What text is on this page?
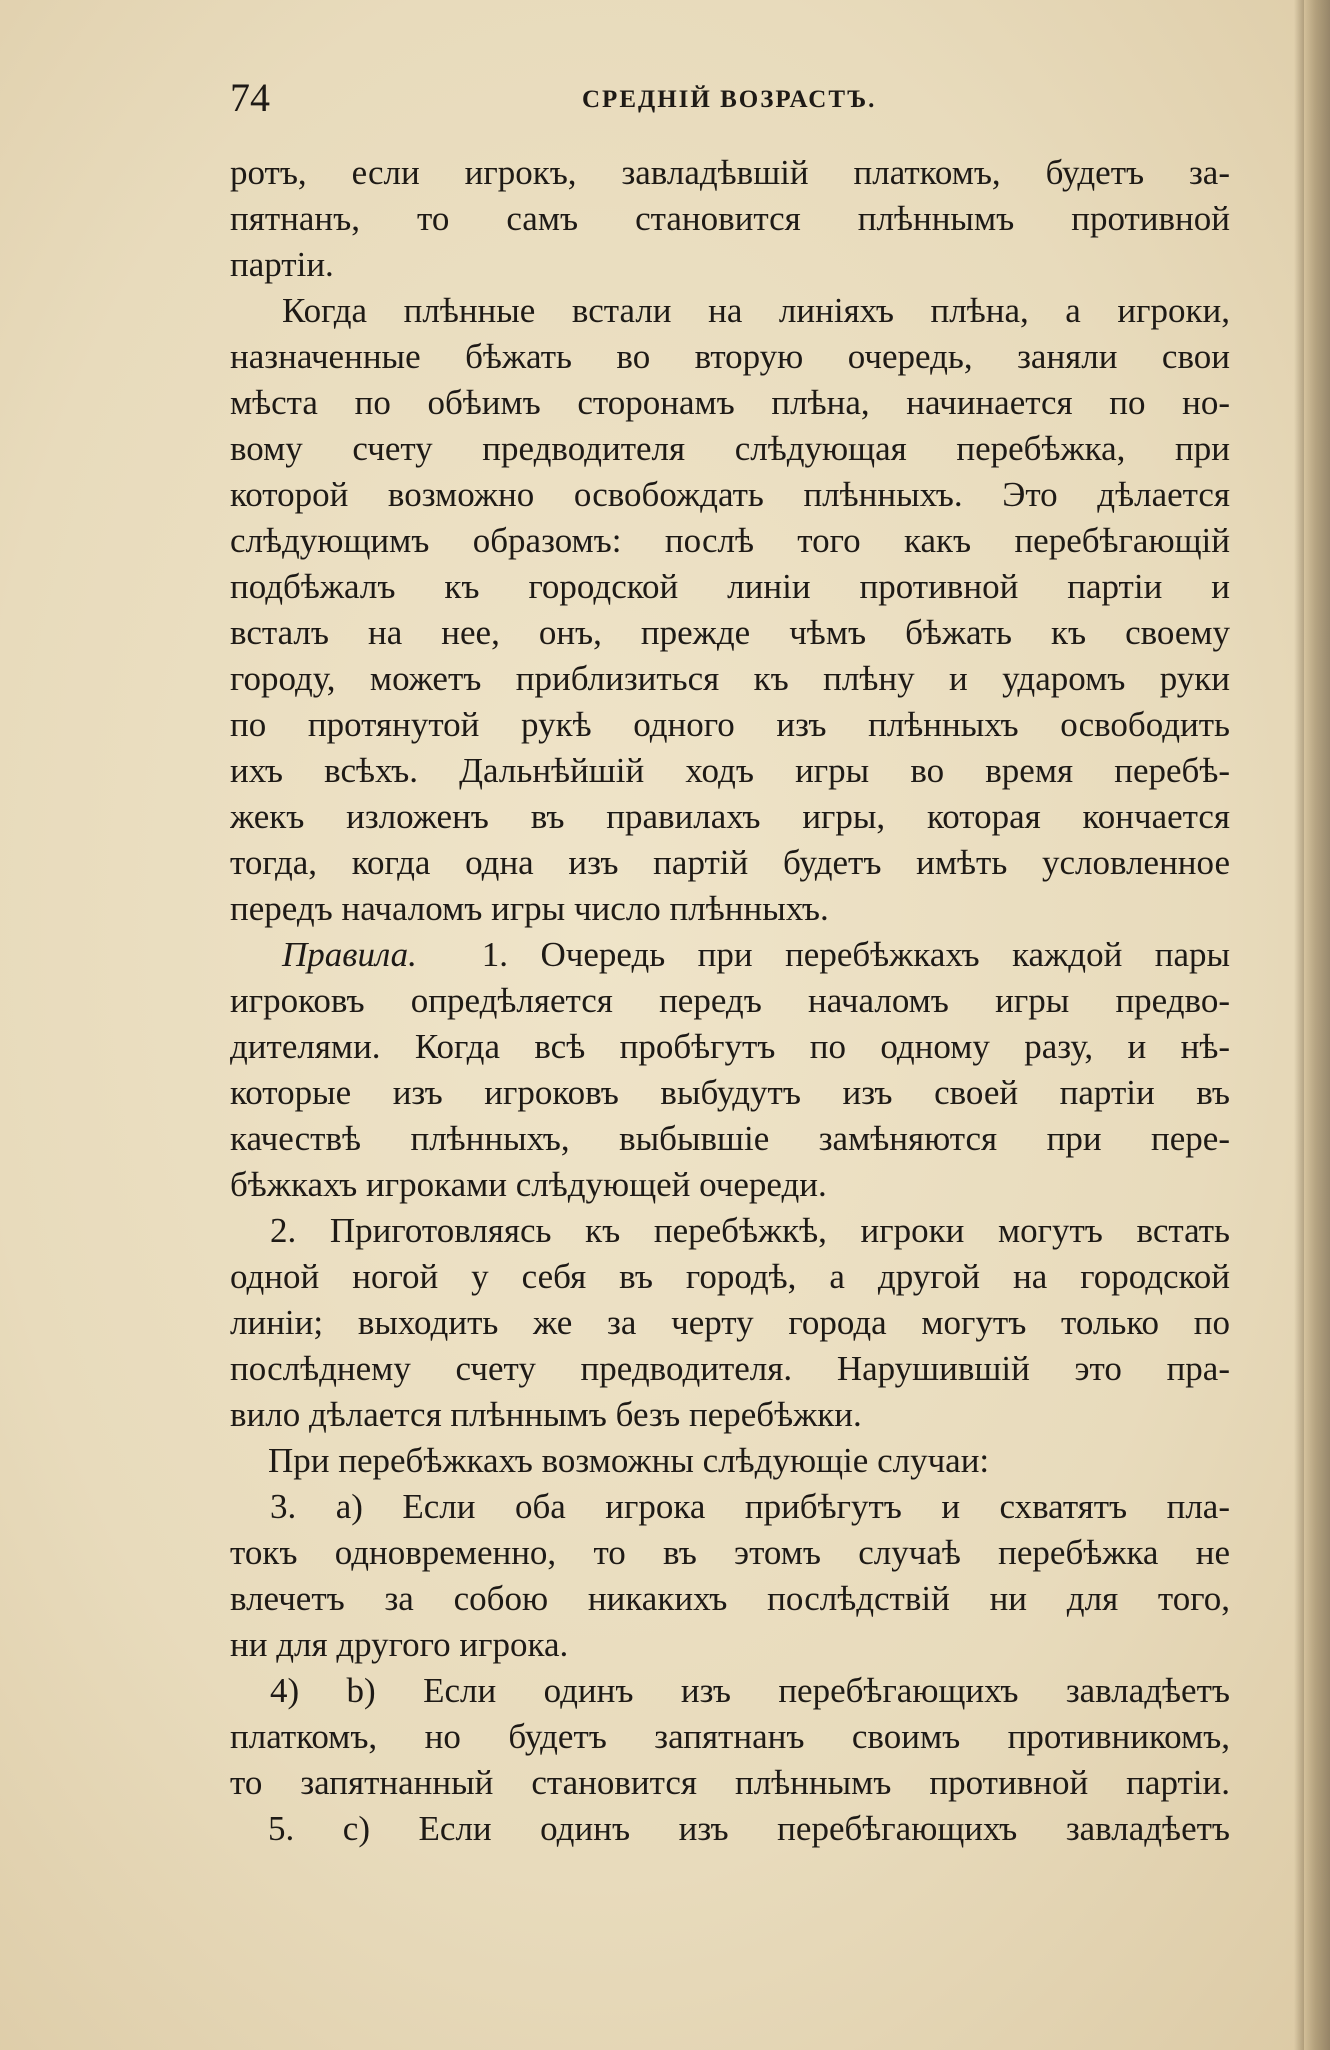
74	СРЕДНІЙ ВОЗРАСТЪ.
ротъ, если игрокъ, завладѣвшій платкомъ, будетъ за-
пятнанъ, то самъ становится плѣннымъ противной
партіи.
Когда плѣнные встали на линіяхъ плѣна, а игроки,
назначенные бѣжать во вторую очередь, заняли свои
мѣста по обѣимъ сторонамъ плѣна, начинается по но-
вому счету предводителя слѣдующая перебѣжка, при
которой возможно освобождать плѣнныхъ. Это дѣлается
слѣдующимъ образомъ: послѣ того какъ перебѣгающій
подбѣжалъ къ городской линіи противной партіи и
всталъ на нее, онъ, прежде чѣмъ бѣжать къ своему
городу, можетъ приблизиться къ плѣну и ударомъ руки
по протянутой рукѣ одного изъ плѣнныхъ освободить
ихъ всѣхъ. Дальнѣйшій ходъ игры во время перебѣ-
жекъ изложенъ въ правилахъ игры, которая кончается
тогда, когда одна изъ партій будетъ имѣть условленное
передъ началомъ игры число плѣнныхъ.
Правила. 1. Очередь при перебѣжкахъ каждой пары
игроковъ опредѣляется передъ началомъ игры предво-
дителями. Когда всѣ пробѣгутъ по одному разу, и нѣ-
которые изъ игроковъ выбудутъ изъ своей партіи въ
качествѣ плѣнныхъ, выбывшіе замѣняются при пере-
бѣжкахъ игроками слѣдующей очереди.
2. Приготовляясь къ перебѣжкѣ, игроки могутъ встать
одной ногой у себя въ городѣ, а другой на городской
линіи; выходить же за черту города могутъ только по
послѣднему счету предводителя. Нарушившій это пра-
вило дѣлается плѣннымъ безъ перебѣжки.
При перебѣжкахъ возможны слѣдующіе случаи:
3. а) Если оба игрока прибѣгутъ и схватятъ пла-
токъ одновременно, то въ этомъ случаѣ перебѣжка не
влечетъ за собою никакихъ послѣдствій ни для того,
ни для другого игрока.
4) b) Если одинъ изъ перебѣгающихъ завладѣетъ
платкомъ, но будетъ запятнанъ своимъ противникомъ,
то запятнанный становится плѣннымъ противной партіи.
5. с) Если одинъ изъ перебѣгающихъ завладѣетъ
